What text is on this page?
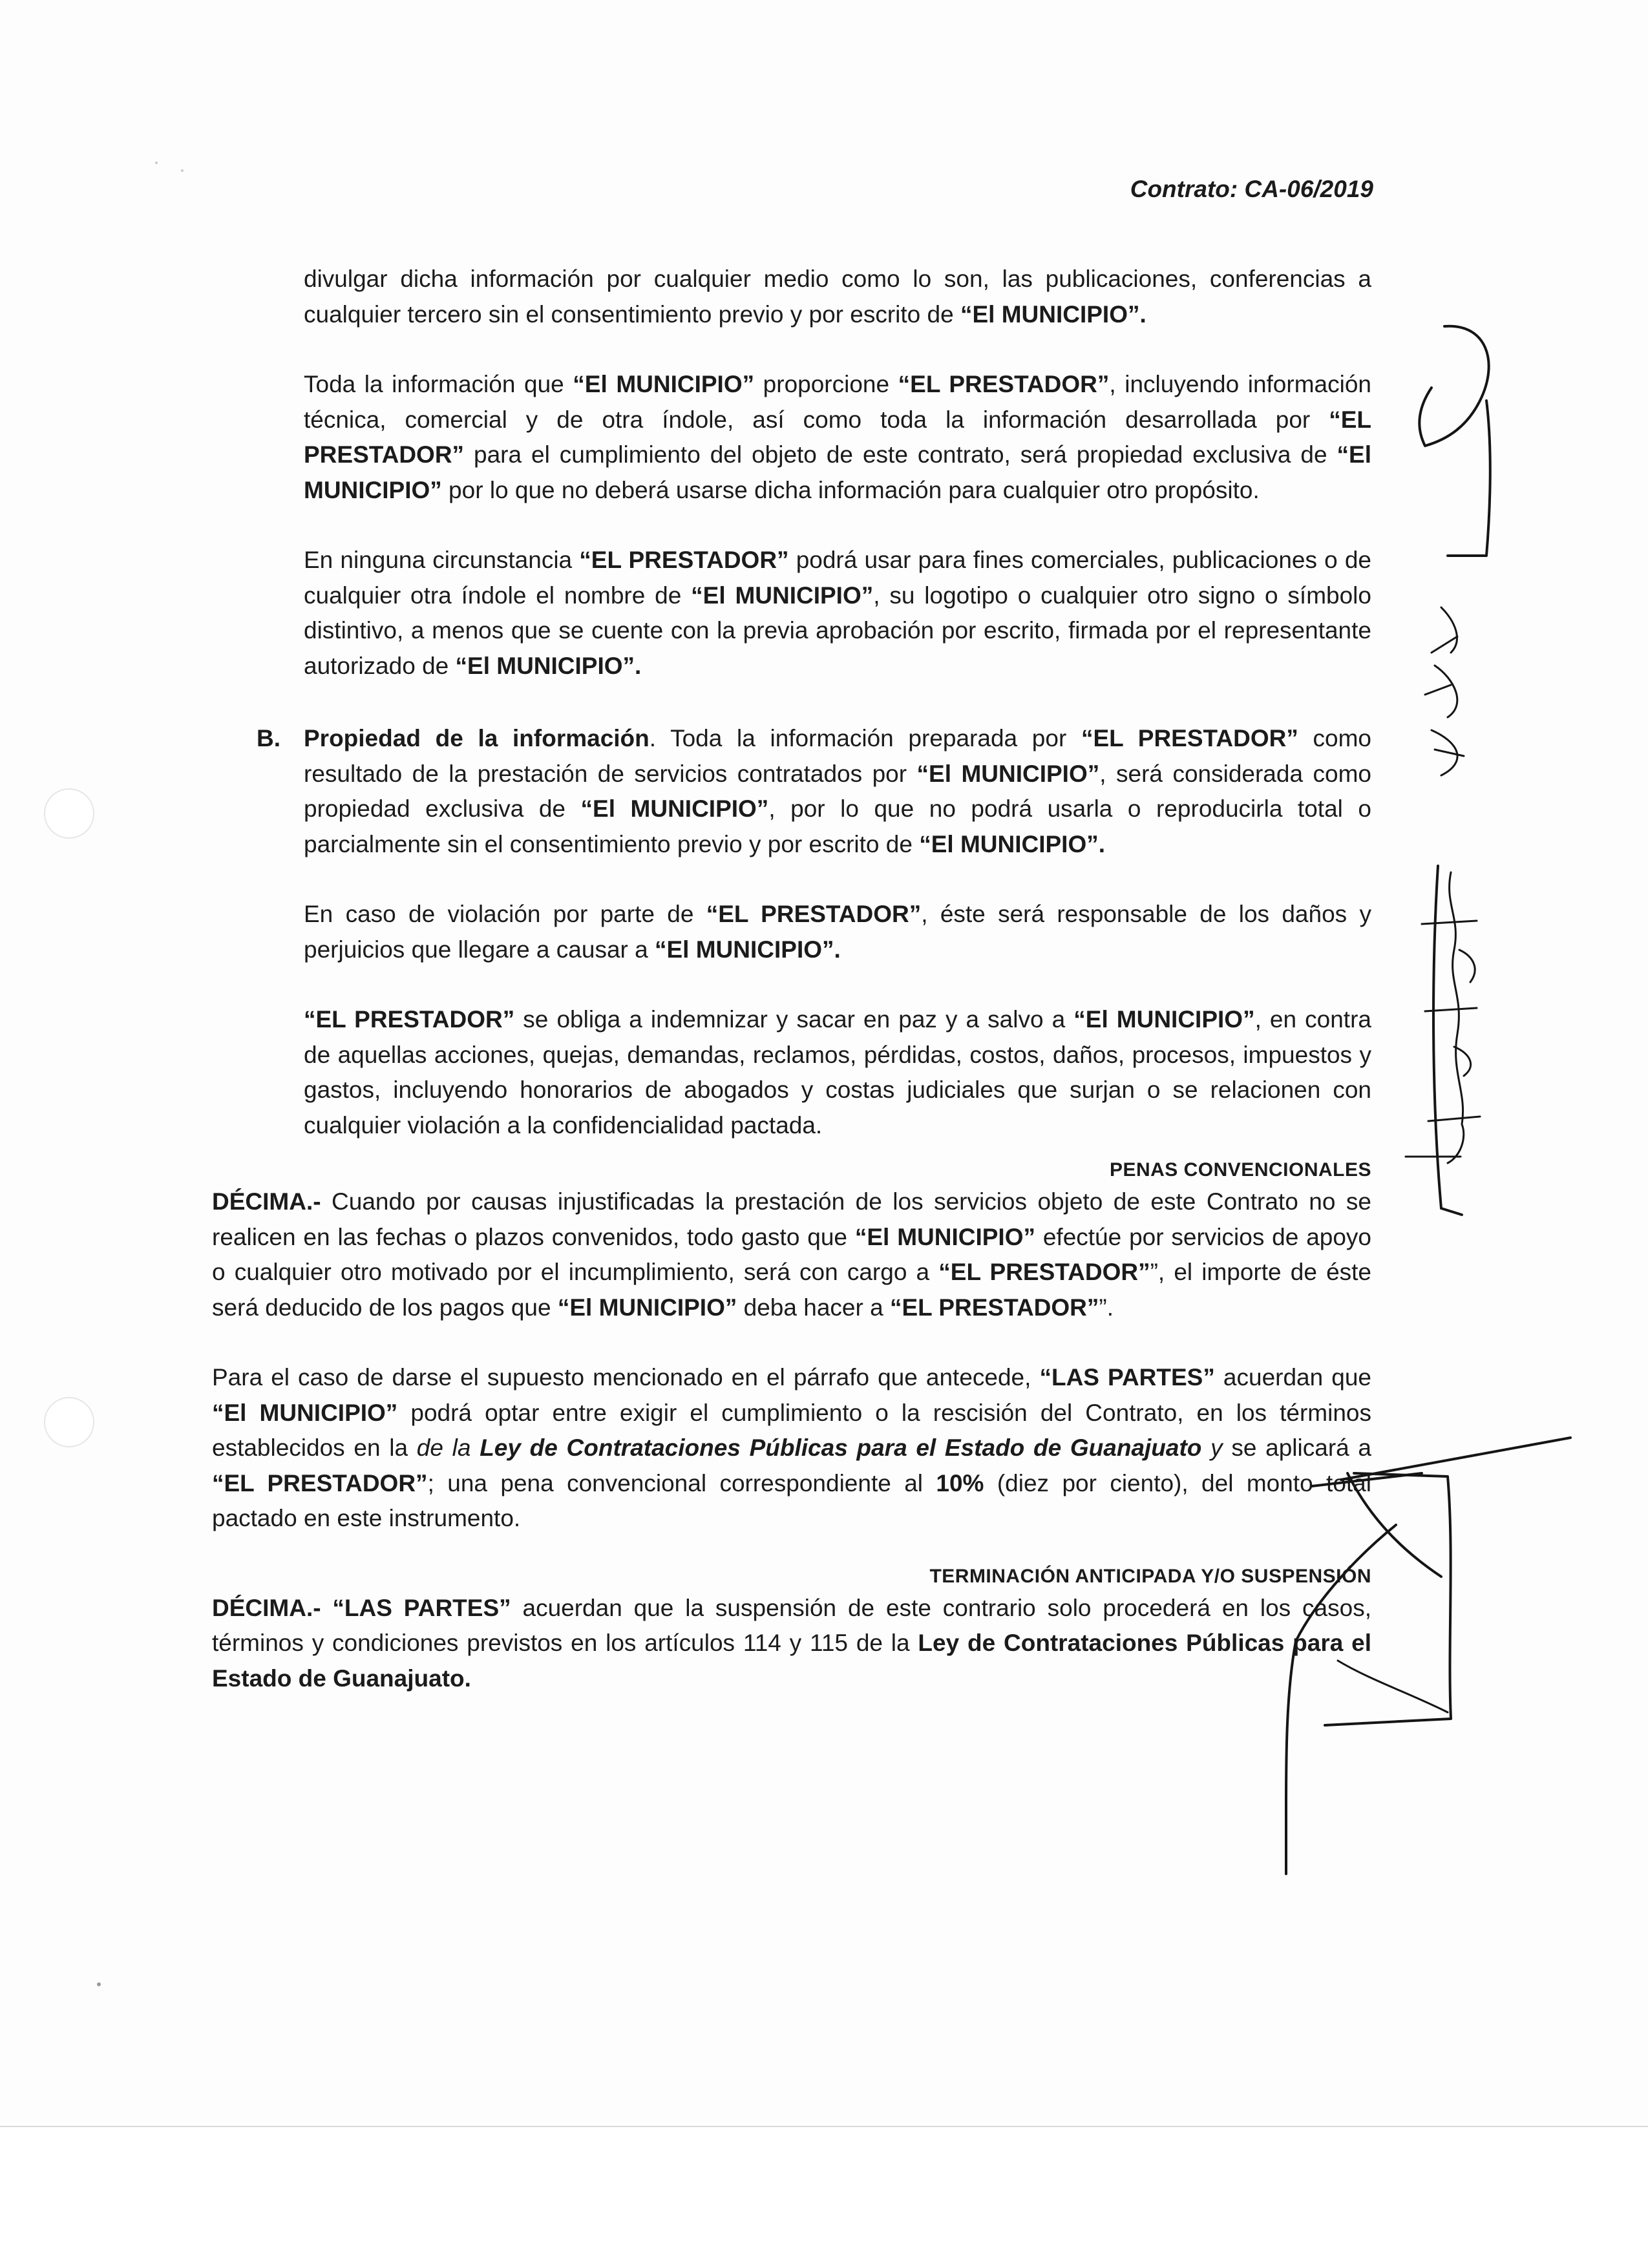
Contrato: CA-06/2019

divulgar dicha información por cualquier medio como lo son, las publicaciones, conferencias a cualquier tercero sin el consentimiento previo y por escrito de “El MUNICIPIO”.

Toda la información que “El MUNICIPIO” proporcione “EL PRESTADOR”, incluyendo información técnica, comercial y de otra índole, así como toda la información desarrollada por “EL PRESTADOR” para el cumplimiento del objeto de este contrato, será propiedad exclusiva de “El MUNICIPIO” por lo que no deberá usarse dicha información para cualquier otro propósito.

En ninguna circunstancia “EL PRESTADOR” podrá usar para fines comerciales, publicaciones o de cualquier otra índole el nombre de “El MUNICIPIO”, su logotipo o cualquier otro signo o símbolo distintivo, a menos que se cuente con la previa aprobación por escrito, firmada por el representante autorizado de “El MUNICIPIO”.

B. Propiedad de la información. Toda la información preparada por “EL PRESTADOR” como resultado de la prestación de servicios contratados por “El MUNICIPIO”, será considerada como propiedad exclusiva de “El MUNICIPIO”, por lo que no podrá usarla o reproducirla total o parcialmente sin el consentimiento previo y por escrito de “El MUNICIPIO”.

En caso de violación por parte de “EL PRESTADOR”, éste será responsable de los daños y perjuicios que llegare a causar a “El MUNICIPIO”.

“EL PRESTADOR” se obliga a indemnizar y sacar en paz y a salvo a “El MUNICIPIO”, en contra de aquellas acciones, quejas, demandas, reclamos, pérdidas, costos, daños, procesos, impuestos y gastos, incluyendo honorarios de abogados y costas judiciales que surjan o se relacionen con cualquier violación a la confidencialidad pactada.

PENAS CONVENCIONALES

DÉCIMA.- Cuando por causas injustificadas la prestación de los servicios objeto de este Contrato no se realicen en las fechas o plazos convenidos, todo gasto que “El MUNICIPIO” efectúe por servicios de apoyo o cualquier otro motivado por el incumplimiento, será con cargo a “EL PRESTADOR””, el importe de éste será deducido de los pagos que “El MUNICIPIO” deba hacer a “EL PRESTADOR””.

Para el caso de darse el supuesto mencionado en el párrafo que antecede, “LAS PARTES” acuerdan que “El MUNICIPIO” podrá optar entre exigir el cumplimiento o la rescisión del Contrato, en los términos establecidos en la de la Ley de Contrataciones Públicas para el Estado de Guanajuato y se aplicará a “EL PRESTADOR”; una pena convencional correspondiente al 10% (diez por ciento), del monto total pactado en este instrumento.

TERMINACIÓN ANTICIPADA Y/O SUSPENSIÓN

DÉCIMA.- “LAS PARTES” acuerdan que la suspensión de este contrario solo procederá en los casos, términos y condiciones previstos en los artículos 114 y 115 de la Ley de Contrataciones Públicas para el Estado de Guanajuato.
